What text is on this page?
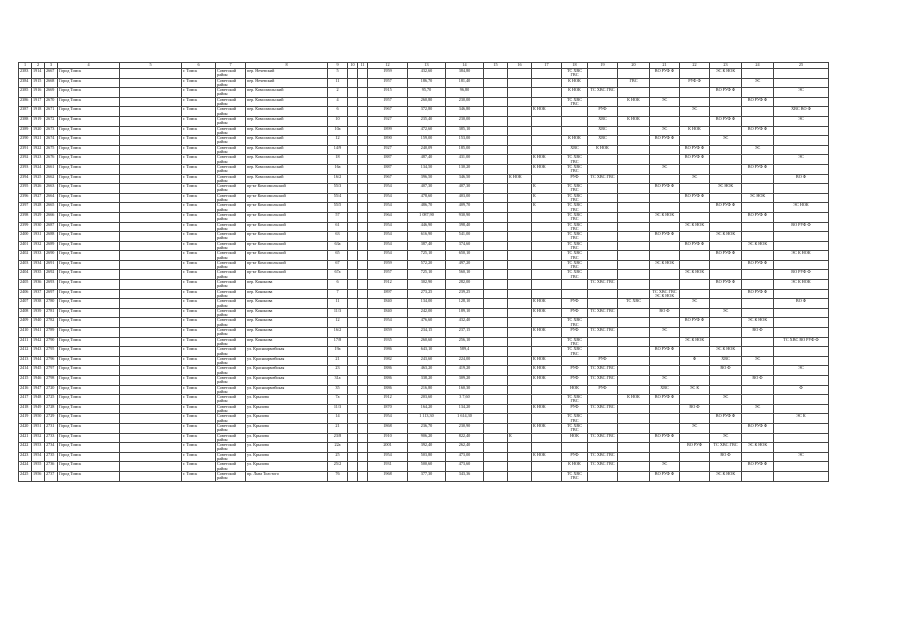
1	2	3	4	5	6	7	8	9	10	11	12	13	14	15	16	17	18	19	20	21	22	23	24	25
2383	1914	2667	Город Томск		г. Томск	Советский район	пер. Нечевский	5			1959	432,60	384,80				ТС ХВС ГВС			ВО РУФ Ф		ЭС К НОК		
2384	1915	2668	Город Томск		г. Томск	Советский район	пер. Нечевский	11			1957	186,70	181,40				К НОК		ГВС		РУФ Ф		ЭС	
2385	1916	2669	Город Томск		г. Томск	Советский район	пер. Комсомольский	2			1915	95,70	96,80				К НОК	ТС ХВС ГВС				ВО РУФ Ф		ЭС
2386	1917	2670	Город Томск		г. Томск	Советский район	пер. Комсомольский	4			1957	260,80	230,00				ТС ХВС ГВС		К НОК	ЭС			ВО РУФ Ф	
2387	1918	2671	Город Томск		г. Томск	Советский район	пер. Комсомольский	6			1967	372,80	346,80			К НОК		РУФ			ЭС			ХВС ВО Ф
2388	1919	2672	Город Томск		г. Томск	Советский район	пер. Комсомольский	10			1927	235,40	230,00					ХВС	К НОК			ВО РУФ Ф		ЭС
2389	1920	2673	Город Томск		г. Томск	Советский район	пер. Комсомольский	10а			1899	472,60	385,10					ХВС		ЭС	К НОК		ВО РУФ Ф	
2390	1921	2674	Город Томск		г. Томск	Советский район	пер. Комсомольский	12			1890	159,00	153,00				К НОК	ХВС		ВО РУФ Ф		ЭС		
2391	1922	2675	Город Томск		г. Томск	Советский район	пер. Комсомольский	14/9			1927	240,09	185,00				ХВС	К НОК			ВО РУФ Ф		ЭС	
2392	1923	2676	Город Томск		г. Томск	Советский район	пер. Комсомольский	18			1887	487,40	431,00			К НОК	ТС ХВС ГВС				ВО РУФ Ф			ЭС
2393	1924	2661	Город Томск		г. Томск	Советский район	пер. Комсомольский	16а			1887	134,50	130,20			К НОК	ТС ХВС ГВС			ЭС			ВО РУФ Ф	
2394	1925	2662	Город Томск		г. Томск	Советский район	пер. Комсомольский	16/2			1967	396,50	346,50		К НОК		РУФ	ТС ХВС ГВС			ЭС			ВО Ф
2395	1926	2663	Город Томск		г. Томск	Советский район	пр-кт Комсомольский	55/3			1954	407,30	407,30			К	ТС ХВС ГВС			ВО РУФ Ф		ЭС НОК		
2396	1927	2664	Город Томск		г. Томск	Советский район	пр-кт Комсомольский	55/4			1954	478,60	403,00			К	ТС ХВС ГВС				ВО РУФ Ф		ЭС НОК	
2397	1928	2665	Город Томск		г. Томск	Советский район	пр-кт Комсомольский	55/5			1954	486,70	409,70			К	ТС ХВС ГВС					ВО РУФ Ф		ЭС НОК
2398	1929	2666	Город Томск		г. Томск	Советский район	пр-кт Комсомольский	57			1964	1 087,90	930,90				ТС ХВС ГВС			ЭС К НОК			ВО РУФ Ф	
2399	1930	2687	Город Томск		г. Томск	Советский район	пр-кт Комсомольский	61			1954	446,90	398,40				ТС ХВС ГВС				ЭС К НОК			ВО РУФ Ф
2400	1931	2688	Город Томск		г. Томск	Советский район	пр-кт Комсомольский	63			1954	616,90	541,00				ТС ХВС ГВС			ВО РУФ Ф		ЭС К НОК		
2401	1932	2689	Город Томск		г. Томск	Советский район	пр-кт Комсомольский	63а			1954	387,40	374,60				ТС ХВС ГВС				ВО РУФ Ф		ЭС К НОК	
2402	1933	2690	Город Томск		г. Томск	Советский район	пр-кт Комсомольский	65			1954	725,10	650,10				ТС ХВС ГВС					ВО РУФ Ф		ЭС К НОК
2403	1934	2691	Город Томск		г. Томск	Советский район	пр-кт Комсомольский	67			1959	572,20	497,20				ТС ХВС ГВС			ЭС К НОК			ВО РУФ Ф	
2404	1935	2692	Город Томск		г. Томск	Советский район	пр-кт Комсомольский	67а			1957	725,10	560,10				ТС ХВС ГВС				ЭС К НОК			ВО РУФ Ф
2405	1936	2693	Город Томск		г. Томск	Советский район	пер. Кононова	6			1912	302,90	282,00					ТС ХВС ГВС				ВО РУФ Ф		ЭС К НОК
2406	1937	2697	Город Томск		г. Томск	Советский район	пер. Кононова	7			1897	273,25	239,25							ТС ХВС ГВС ЭС К НОК			ВО РУФ Ф	
2407	1938	2780	Город Томск		г. Томск	Советский район	пер. Кононова	11			1840	134,00	128,10			К НОК	РУФ		ТС ХВС		ЭС			ВО Ф
2408	1939	2781	Город Томск		г. Томск	Советский район	пер. Кононова	11/3			1840	242,00	189,10			К НОК	РУФ	ТС ХВС ГВС		ВО Ф		ЭС		
2409	1940	2782	Город Томск		г. Томск	Советский район	пер. Кононова	12			1954	476,60	432,40				ТС ХВС ГВС				ВО РУФ Ф		ЭС К НОК	
2410	1941	2789	Город Томск		г. Томск	Советский район	пер. Кононова	16/2			1859	234,15	237,15			К НОК	РУФ	ТС ХВС ГВС		ЭС			ВО Ф	
2411	1942	2790	Город Томск		г. Томск	Советский район	пер. Кононова	17/8			1935	260,60	256,10				ТС ХВС ГВС				ЭС К НОК			ТС ХВС ВО РУФ Ф
2412	1943	2795	Город Томск		г. Томск	Советский район	ул. Красноармейская	19а			1986	643,10	589,4				ТС ХВС ГВС			ВО РУФ Ф		ЭС К НОК		
2413	1944	2796	Город Томск		г. Томск	Советский район	ул. Красноармейская	21			1982	243,60	224,00			К НОК		РУФ			Ф	ХВС	ЭС	
2414	1945	2797	Город Томск		г. Томск	Советский район	ул. Красноармейская	23			1886	463,20	419,20			К НОК	РУФ	ТС ХВС ГВС				ВО Ф		ЭС
2415	1946	2798	Город Томск		г. Томск	Советский район	ул. Красноармейская	31а			1886	338,20	309,20			К НОК	РУФ	ТС ХВС ГВС		ЭС			ВО Ф	
2416	1947	2720	Город Томск		г. Томск	Советский район	ул. Красноармейская	35			1886	216,80	160,30				НОК	РУФ		ХВС	ЭС К			Ф
2417	1948	2725	Город Томск		г. Томск	Советский район	ул. Крылова	7а			1912	203,60	3 7,60				ТС ХВС ГВС		К НОК	ВО РУФ Ф		ЭС		
2418	1949	2728	Город Томск		г. Томск	Советский район	ул. Крылова	11/3			1870	164,20	134,20			К НОК	РУФ	ТС ХВС ГВС			ВО Ф		ЭС	
2419	1950	2729	Город Томск		г. Томск	Советский район	ул. Крылова	14			1954	1 113,30	1 614,30				ТС ХВС ГВС					ВО РУФ Ф		ЭС К
2420	1951	2731	Город Томск		г. Томск	Советский район	ул. Крылова	21			1868	236,70	230,90			К НОК	ТС ХВС ГВС				ЭС		ВО РУФ Ф	
2421	1952	2733	Город Томск		г. Томск	Советский район	ул. Крылова	23/8			1910	906,20	822,40		К		НОК	ТС ХВС ГВС		ВО РУФ Ф		ЭС		
2422	1953	2734	Город Томск		г. Томск	Советский район	ул. Крылова	22а			2001	392,40	262,40								ВО РУФ	ТС ХВС ГВС	ЭС К НОК	
2423	1954	2735	Город Томск		г. Томск	Советский район	ул. Крылова	25			1954	503,80	473,00			К НОК	РУФ	ТС ХВС ГВС				ВО Ф		ЭС
2424	1955	2736	Город Томск		г. Томск	Советский район	ул. Крылова	25/2			1931	500,60	473,60				К НОК	ТС ХВС ГВС		ЭС			ВО РУФ Ф	
2425	1956	2737	Город Томск		г. Томск	Советский район	пр. Льва Толстого	76			1968	377,30	343,36				ТС ХВС ГВС			ВО РУФ Ф		ЭС К НОК		
